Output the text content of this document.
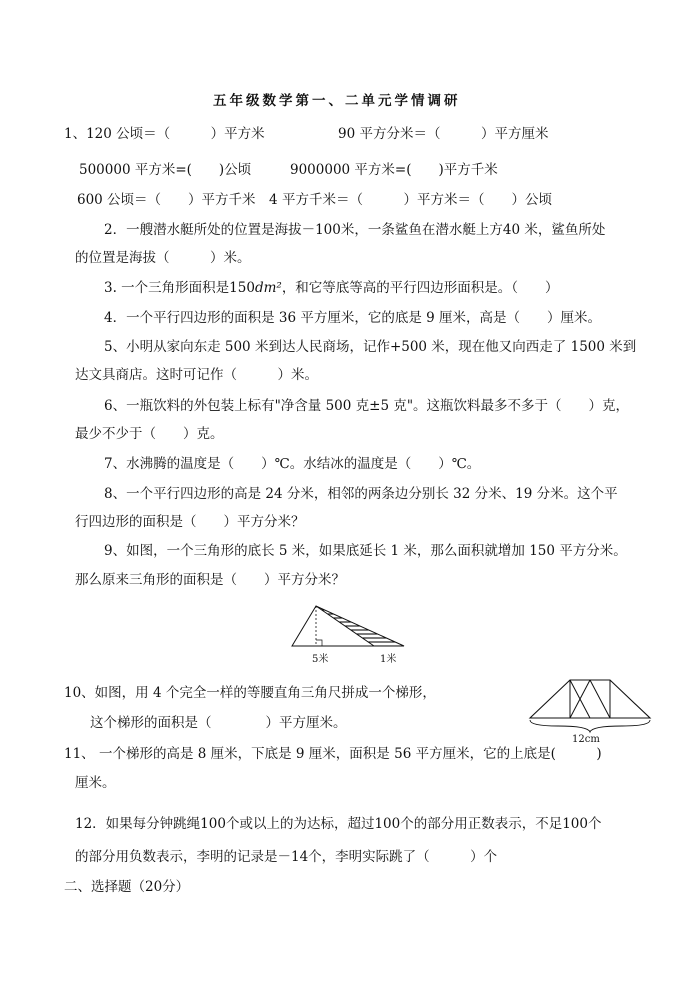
五年级数学第一、二单元学情调研
1、120 公顷＝（　　　）平方米	90 平方分米＝（　　　）平方厘米
500000 平方米=(　　)公顷	9000000 平方米=(　　)平方千米
600 公顷＝（　　）平方千米　4 平方千米＝（　　　）平方米＝（　　）公顷
2．一艘潜水艇所处的位置是海拔－100米，一条鲨鱼在潜水艇上方40 米，鲨鱼所处
的位置是海拔（　　　）米。
3. 一个三角形面积是150dm²，和它等底等高的平行四边形面积是。（　　）
4．一个平行四边形的面积是 36 平方厘米，它的底是 9 厘米，高是（　　）厘米。
5、小明从家向东走 500 米到达人民商场，记作+500 米，现在他又向西走了 1500 米到
达文具商店。这时可记作（　　　）米。
6、一瓶饮料的外包装上标有"净含量 500 克±5 克"。这瓶饮料最多不多于（　　）克，
最少不少于（　　）克。
7、水沸腾的温度是（　　）℃。水结冰的温度是（　　）℃。
8、一个平行四边形的高是 24 分米，相邻的两条边分别长 32 分米、19 分米。这个平
行四边形的面积是（　　）平方分米？
9、如图，一个三角形的底长 5 米，如果底延长 1 米，那么面积就增加 150 平方分米。
那么原来三角形的面积是（　　）平方分米？
5米	1米
10、如图，用 4 个完全一样的等腰直角三角尺拼成一个梯形，
这个梯形的面积是（　　　　）平方厘米。
12cm
11、 一个梯形的高是 8 厘米，下底是 9 厘米，面积是 56 平方厘米，它的上底是(　　　)
厘米。
12．如果每分钟跳绳100个或以上的为达标，超过100个的部分用正数表示，不足100个
的部分用负数表示，李明的记录是－14个，李明实际跳了（　　　）个
二、选择题（20分）
